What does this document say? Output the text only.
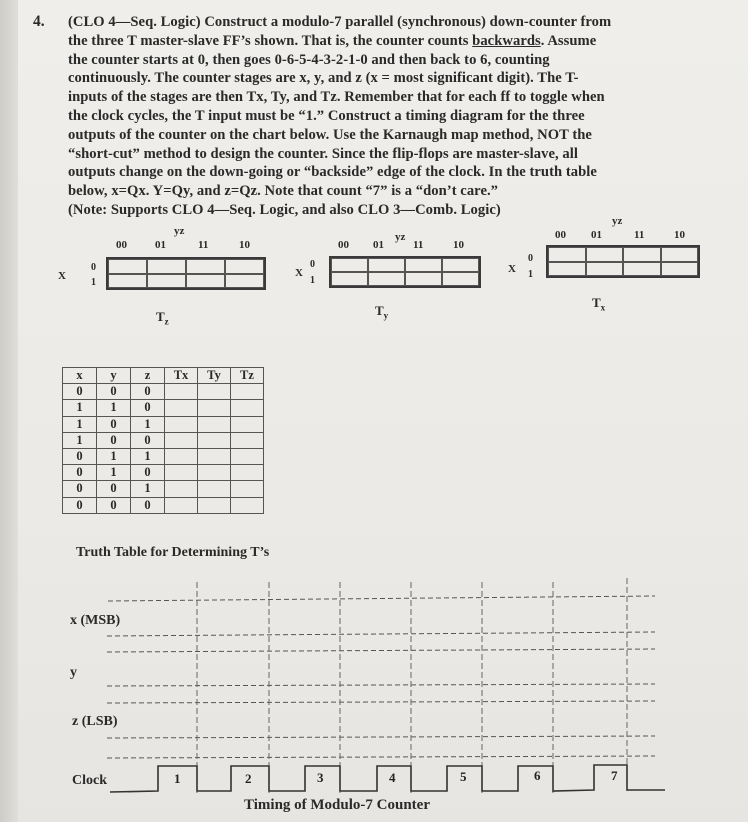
4. (CLO 4—Seq. Logic) Construct a modulo-7 parallel (synchronous) down-counter from
the three T master-slave FF’s shown. That is, the counter counts backwards. Assume
the counter starts at 0, then goes 0-6-5-4-3-2-1-0 and then back to 6, counting
continuously. The counter stages are x, y, and z (x = most significant digit). The T-
inputs of the stages are then Tx, Ty, and Tz. Remember that for each ff to toggle when
the clock cycles, the T input must be “1.” Construct a timing diagram for the three
outputs of the counter on the chart below. Use the Karnaugh map method, NOT the
“short-cut” method to design the counter. Since the flip-flops are master-slave, all
outputs change on the down-going or “backside” edge of the clock. In the truth table
below, x=Qx. Y=Qy, and z=Qz. Note that count “7” is a “don’t care.”
(Note: Supports CLO 4—Seq. Logic, and also CLO 3—Comb. Logic)
yz
00	01	11	10
X
0
1
$T_z$
yz
00 01	11	10
X
0
1
$T_y$
yz
00 01	11	10
X
0
1
$T_x$
x	y	z	Tx	Ty	Tz
0	0	0			
1	1	0			
1	0	1			
1	0	0			
0	1	1			
0	1	0			
0	0	1			
0	0	0			
Truth Table for Determining T’s
1	2	3	4	5	6	7
x (MSB)
y
z (LSB)
Clock
Timing of Modulo-7 Counter
